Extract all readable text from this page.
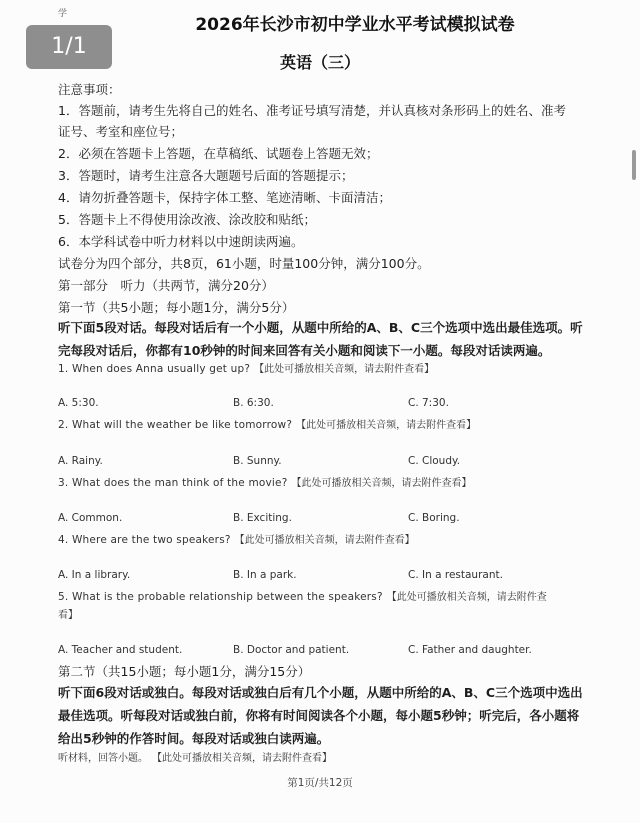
学
1/1
2026年长沙市初中学业水平考试模拟试卷
英语（三）
注意事项：
1．答题前，请考生先将自己的姓名、准考证号填写清楚，并认真核对条形码上的姓名、准考
证号、考室和座位号；
2．必须在答题卡上答题，在草稿纸、试题卷上答题无效；
3．答题时，请考生注意各大题题号后面的答题提示；
4．请勿折叠答题卡，保持字体工整、笔迹清晰、卡面清洁；
5．答题卡上不得使用涂改液、涂改胶和贴纸；
6．本学科试卷中听力材料以中速朗读两遍。
试卷分为四个部分，共8页，61小题，时量100分钟，满分100分。
第一部分　听力（共两节，满分20分）
第一节（共5小题；每小题1分，满分5分）
听下面5段对话。每段对话后有一个小题，从题中所给的A、B、C三个选项中选出最佳选项。听完每段对话后，你都有10秒钟的时间来回答有关小题和阅读下一小题。每段对话读两遍。
1. When does Anna usually get up? 【此处可播放相关音频，请去附件查看】
A. 5:30.	B. 6:30.	C. 7:30.
2. What will the weather be like tomorrow? 【此处可播放相关音频，请去附件查看】
A. Rainy.	B. Sunny.	C. Cloudy.
3. What does the man think of the movie? 【此处可播放相关音频，请去附件查看】
A. Common.	B. Exciting.	C. Boring.
4. Where are the two speakers? 【此处可播放相关音频，请去附件查看】
A. In a library.	B. In a park.	C. In a restaurant.
5. What is the probable relationship between the speakers? 【此处可播放相关音频，请去附件查
看】
A. Teacher and student.	B. Doctor and patient.	C. Father and daughter.
第二节（共15小题；每小题1分，满分15分）
听下面6段对话或独白。每段对话或独白后有几个小题，从题中所给的A、B、C三个选项中选出最佳选项。听每段对话或独白前，你将有时间阅读各个小题，每小题5秒钟；听完后，各小题将给出5秒钟的作答时间。每段对话或独白读两遍。
听材料，回答小题。 【此处可播放相关音频，请去附件查看】
第1页/共12页
